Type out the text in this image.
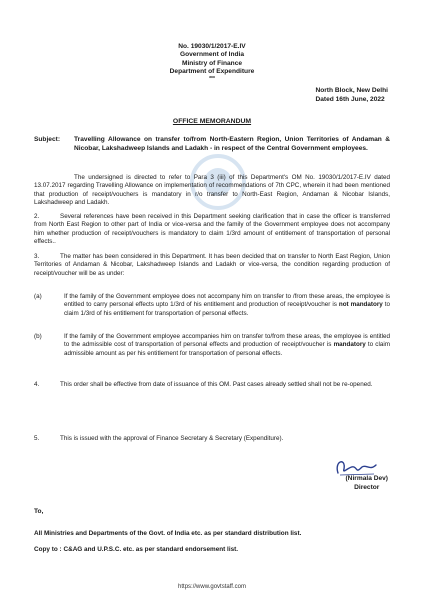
No. 19030/1/2017-E.IV
Government of India
Ministry of Finance
Department of Expenditure
***
North Block, New Delhi
Dated 16th June, 2022
OFFICE MEMORANDUM
Subject:	Travelling Allowance on transfer to/from North-Eastern Region, Union Territories of Andaman & Nicobar, Lakshadweep Islands and Ladakh - in respect of the Central Government employees.
The undersigned is directed to refer to Para 3 (iii) of this Department's OM No. 19030/1/2017-E.IV dated 13.07.2017 regarding Travelling Allowance on implementation of recommendations of 7th CPC, wherein it had been mentioned that production of receipt/vouchers is mandatory in r/o transfer to North-East Region, Andaman & Nicobar Islands, Lakshadweep and Ladakh.
2.	Several references have been received in this Department seeking clarification that in case the officer is transferred from North East Region to other part of India or vice-versa and the family of the Government employee does not accompany him whether production of receipt/vouchers is mandatory to claim 1/3rd amount of entitlement of transportation of personal effects..
3.	The matter has been considered in this Department. It has been decided that on transfer to North East Region, Union Territories of Andaman & Nicobar, Lakshadweep Islands and Ladakh or vice-versa, the condition regarding production of receipt/voucher will be as under:
(a)	If the family of the Government employee does not accompany him on transfer to /from these areas, the employee is entitled to carry personal effects upto 1/3rd of his entitlement and production of receipt/voucher is not mandatory to claim 1/3rd of his entitlement for transportation of personal effects.
(b)	If the family of the Government employee accompanies him on transfer to/from these areas, the employee is entitled to the admissible cost of transportation of personal effects and production of receipt/voucher is mandatory to claim admissible amount as per his entitlement for transportation of personal effects.
4.	This order shall be effective from date of issuance of this OM. Past cases already settled shall not be re-opened.
5.	This is issued with the approval of Finance Secretary & Secretary (Expenditure).
(Nirmala Dev)
Director
To,
All Ministries and Departments of the Govt. of India etc. as per standard distribution list.
Copy to : C&AG and U.P.S.C. etc. as per standard endorsement list.
https://www.govtstaff.com
